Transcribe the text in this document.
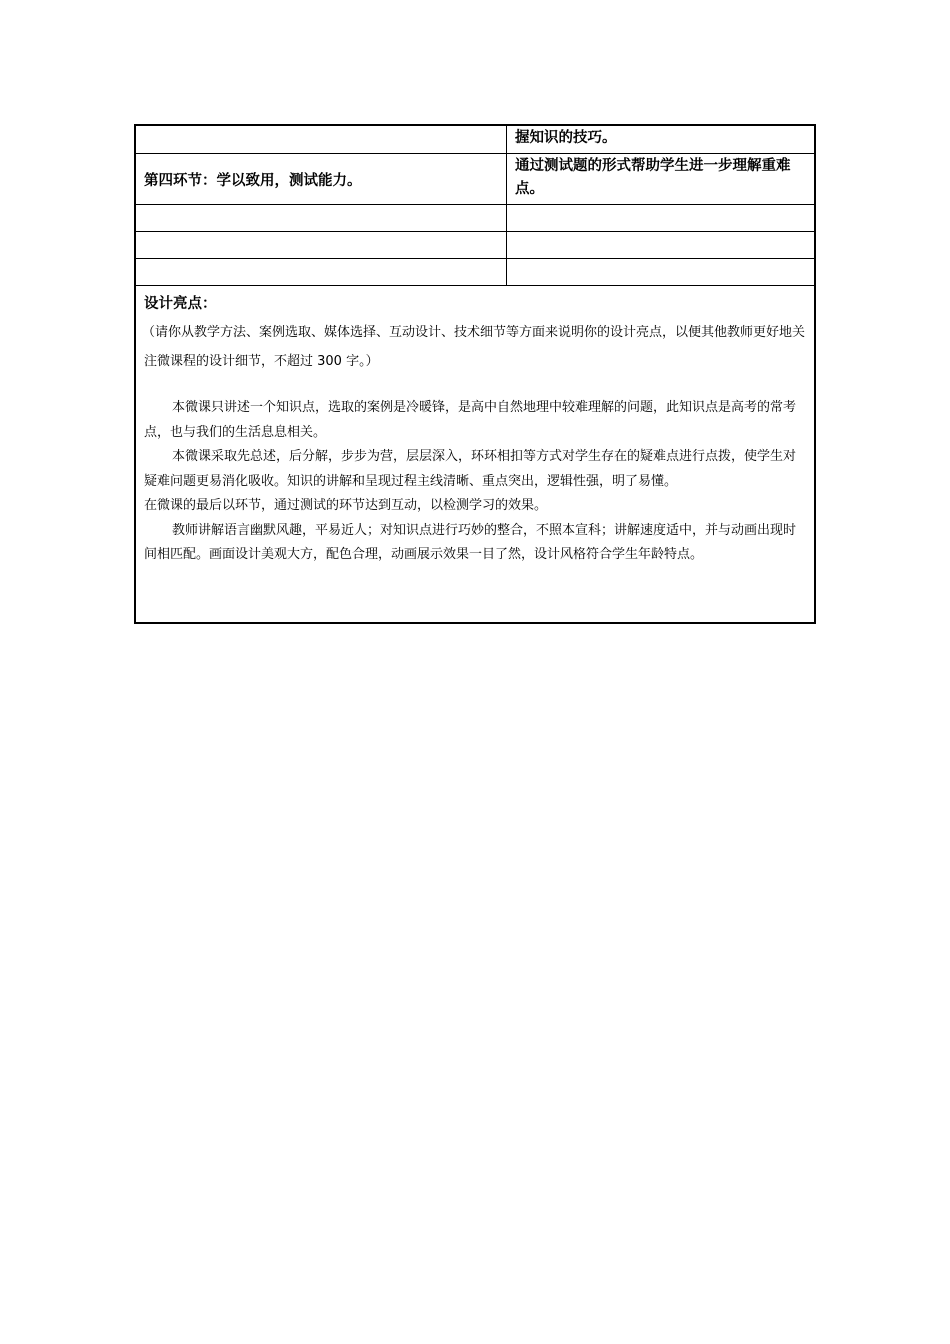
握知识的技巧。
第四环节：学以致用，测试能力。
通过测试题的形式帮助学生进一步理解重难点。
设计亮点：

（请你从教学方法、案例选取、媒体选择、互动设计、技术细节等方面来说明你的设计亮点，以便其他教师更好地关注微课程的设计细节，不超过 300 字。）

本微课只讲述一个知识点，选取的案例是冷暖锋，是高中自然地理中较难理解的问题，此知识点是高考的常考点，也与我们的生活息息相关。

本微课采取先总述，后分解，步步为营，层层深入，环环相扣等方式对学生存在的疑难点进行点拨，使学生对疑难问题更易消化吸收。知识的讲解和呈现过程主线清晰、重点突出，逻辑性强，明了易懂。

在微课的最后以环节，通过测试的环节达到互动，以检测学习的效果。

教师讲解语言幽默风趣，平易近人；对知识点进行巧妙的整合，不照本宣科；讲解速度适中，并与动画出现时间相匹配。画面设计美观大方，配色合理，动画展示效果一目了然，设计风格符合学生年龄特点。
